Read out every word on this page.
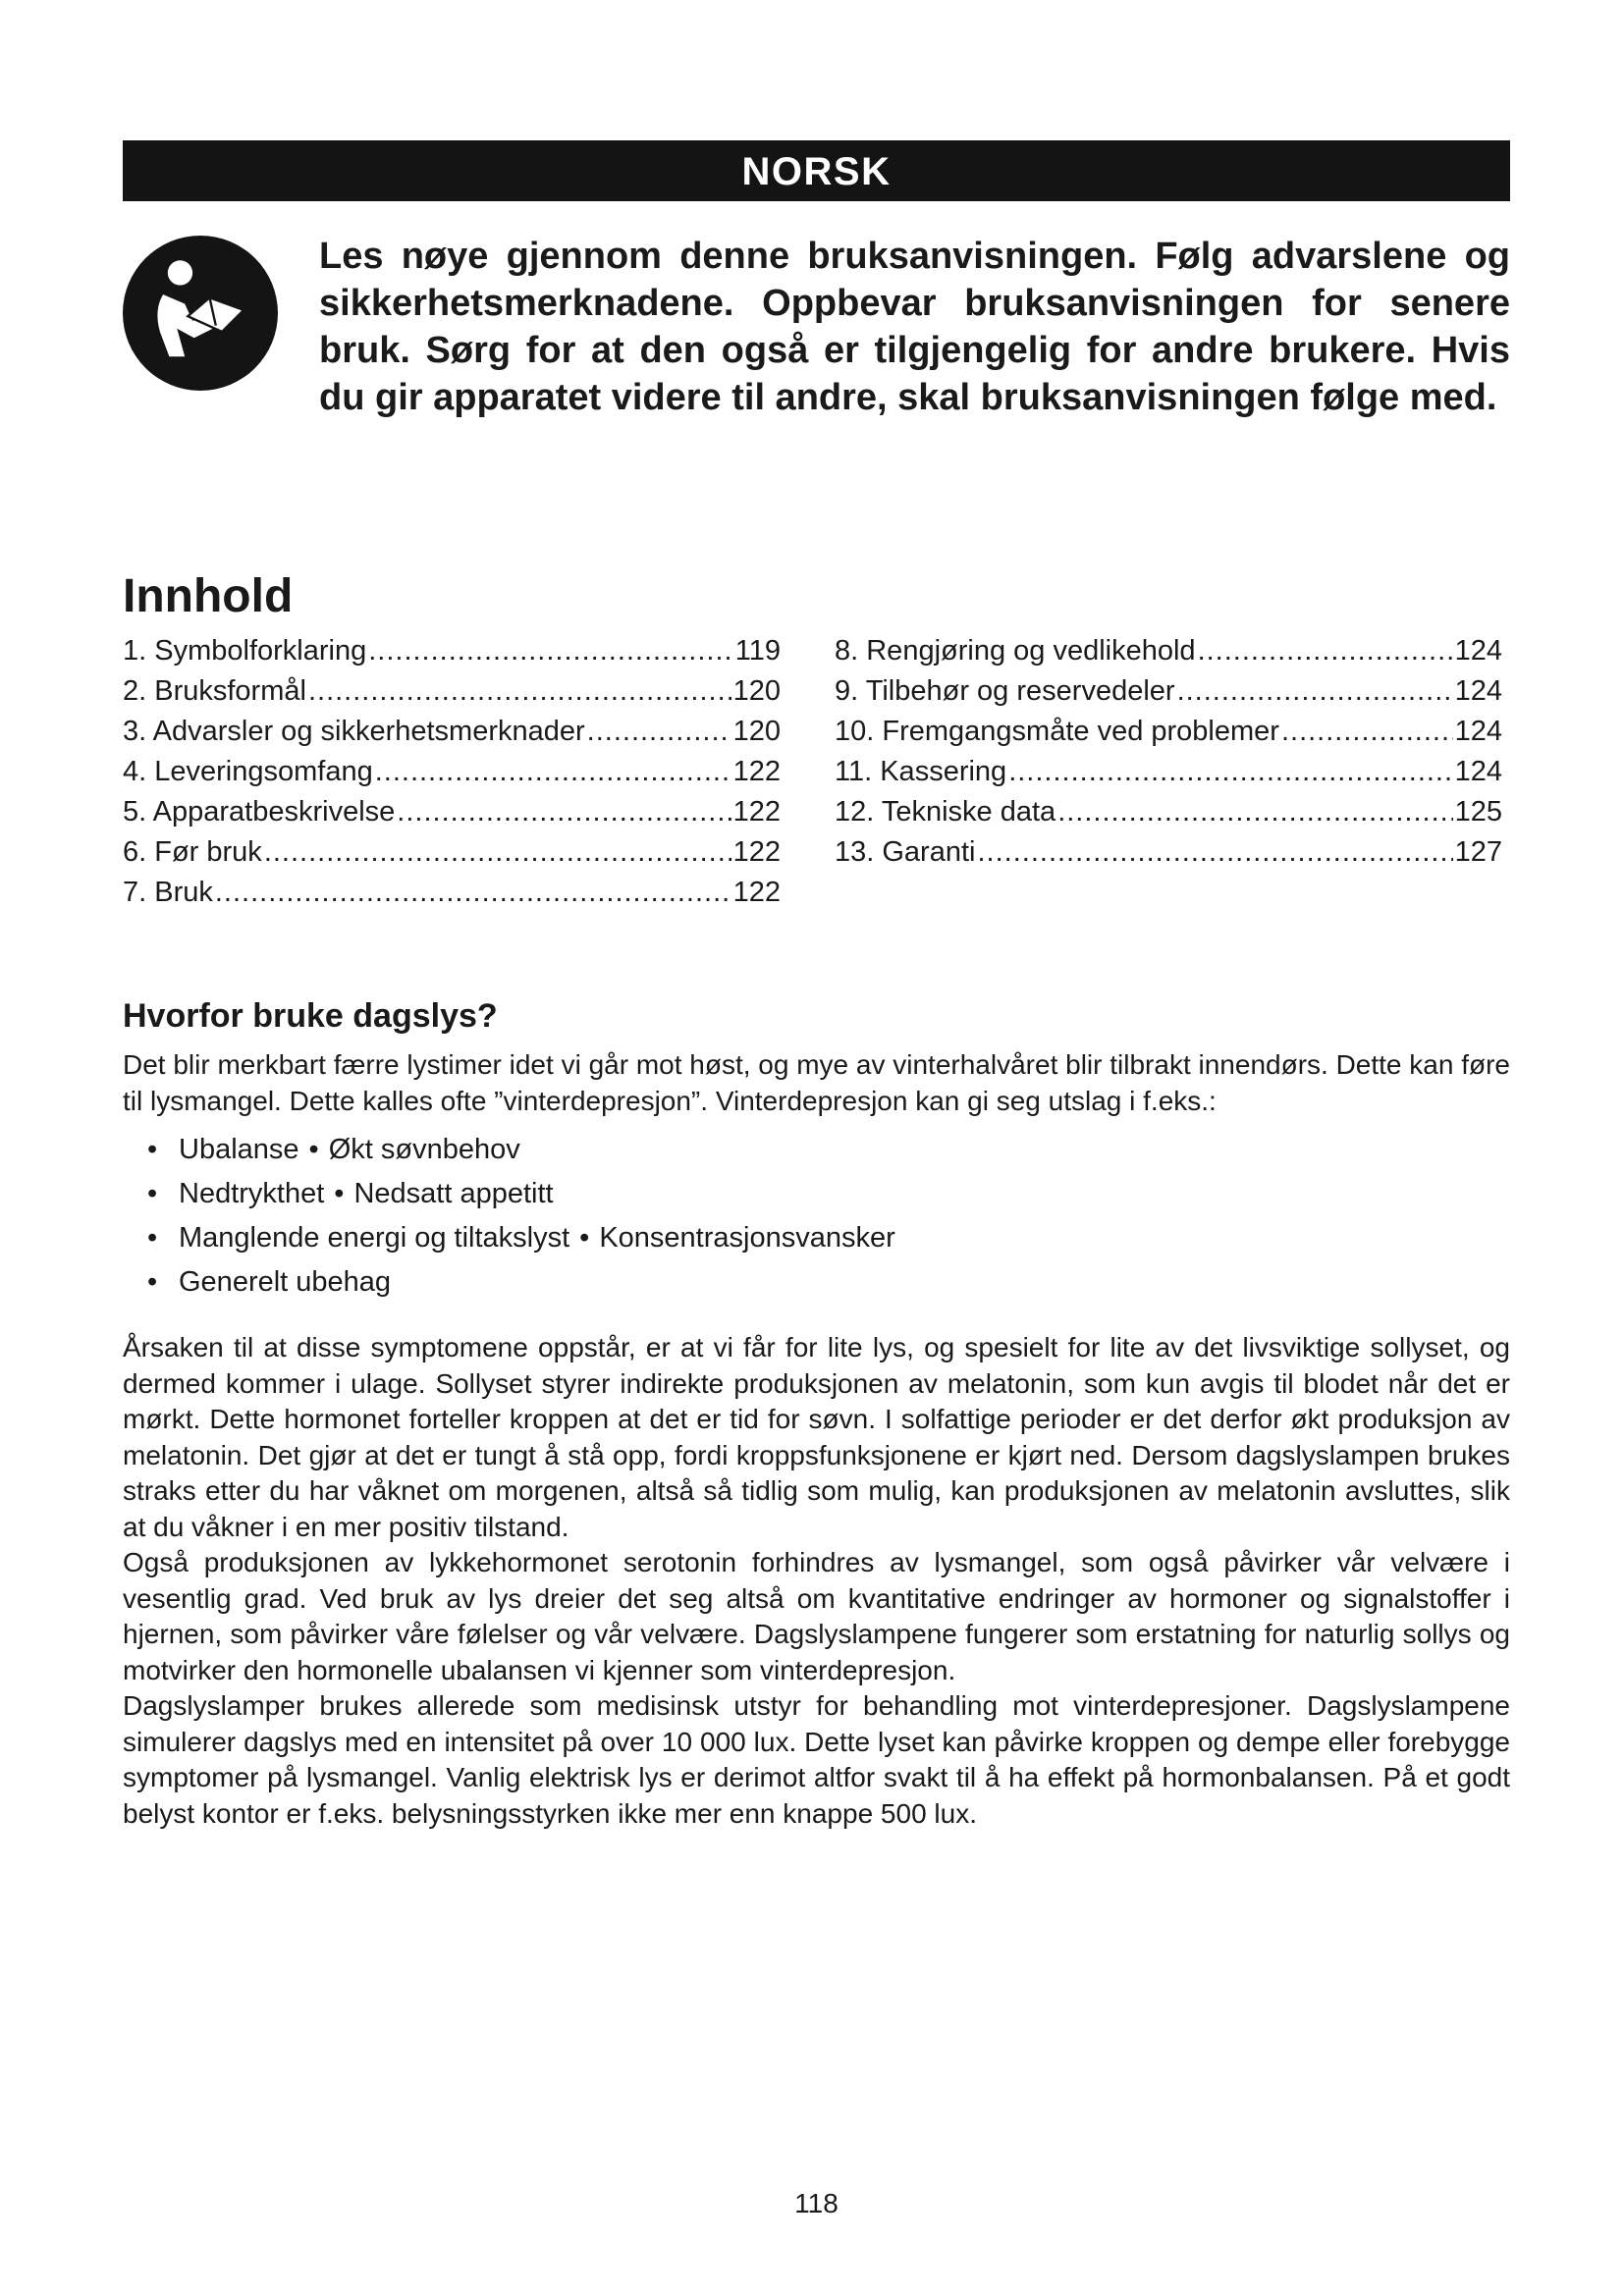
NORSK

Les nøye gjennom denne bruksanvisningen. Følg advarslene og sikkerhetsmerknadene. Oppbevar bruksanvisningen for senere bruk. Sørg for at den også er tilgjengelig for andre brukere. Hvis du gir apparatet videre til andre, skal bruksanvisningen følge med.

Innhold
1. Symbolforklaring .....	119
2. Bruksformål .....	120
3. Advarsler og sikkerhetsmerknader .....	120
4. Leveringsomfang .....	122
5. Apparatbeskrivelse .....	122
6. Før bruk .....	122
7. Bruk .....	122
8. Rengjøring og vedlikehold .....	124
9. Tilbehør og reservedeler .....	124
10. Fremgangsmåte ved problemer .....	124
11. Kassering .....	124
12. Tekniske data .....	125
13. Garanti .....	127
Hvorfor bruke dagslys?

Det blir merkbart færre lystimer idet vi går mot høst, og mye av vinterhalvåret blir tilbrakt innendørs. Dette kan føre til lysmangel. Dette kalles ofte ”vinterdepresjon”. Vinterdepresjon kan gi seg utslag i f.eks.:

• Ubalanse • Økt søvnbehov
• Nedtrykthet • Nedsatt appetitt
• Manglende energi og tiltakslyst • Konsentrasjonsvansker
• Generelt ubehag

Årsaken til at disse symptomene oppstår, er at vi får for lite lys, og spesielt for lite av det livsviktige sollyset, og dermed kommer i ulage. Sollyset styrer indirekte produksjonen av melatonin, som kun avgis til blodet når det er mørkt. Dette hormonet forteller kroppen at det er tid for søvn. I solfattige perioder er det derfor økt produksjon av melatonin. Det gjør at det er tungt å stå opp, fordi kroppsfunksjonene er kjørt ned. Dersom dagslyslampen brukes straks etter du har våknet om morgenen, altså så tidlig som mulig, kan produksjonen av melatonin avsluttes, slik at du våkner i en mer positiv tilstand.

Også produksjonen av lykkehormonet serotonin forhindres av lysmangel, som også påvirker vår velvære i vesentlig grad. Ved bruk av lys dreier det seg altså om kvantitative endringer av hormoner og signalstoffer i hjernen, som påvirker våre følelser og vår velvære. Dagslyslampene fungerer som erstatning for naturlig sollys og motvirker den hormonelle ubalansen vi kjenner som vinterdepresjon.

Dagslyslamper brukes allerede som medisinsk utstyr for behandling mot vinterdepresjoner. Dagslyslampene simulerer dagslys med en intensitet på over 10 000 lux. Dette lyset kan påvirke kroppen og dempe eller forebygge symptomer på lysmangel. Vanlig elektrisk lys er derimot altfor svakt til å ha effekt på hormonbalansen. På et godt belyst kontor er f.eks. belysningsstyrken ikke mer enn knappe 500 lux.

118
